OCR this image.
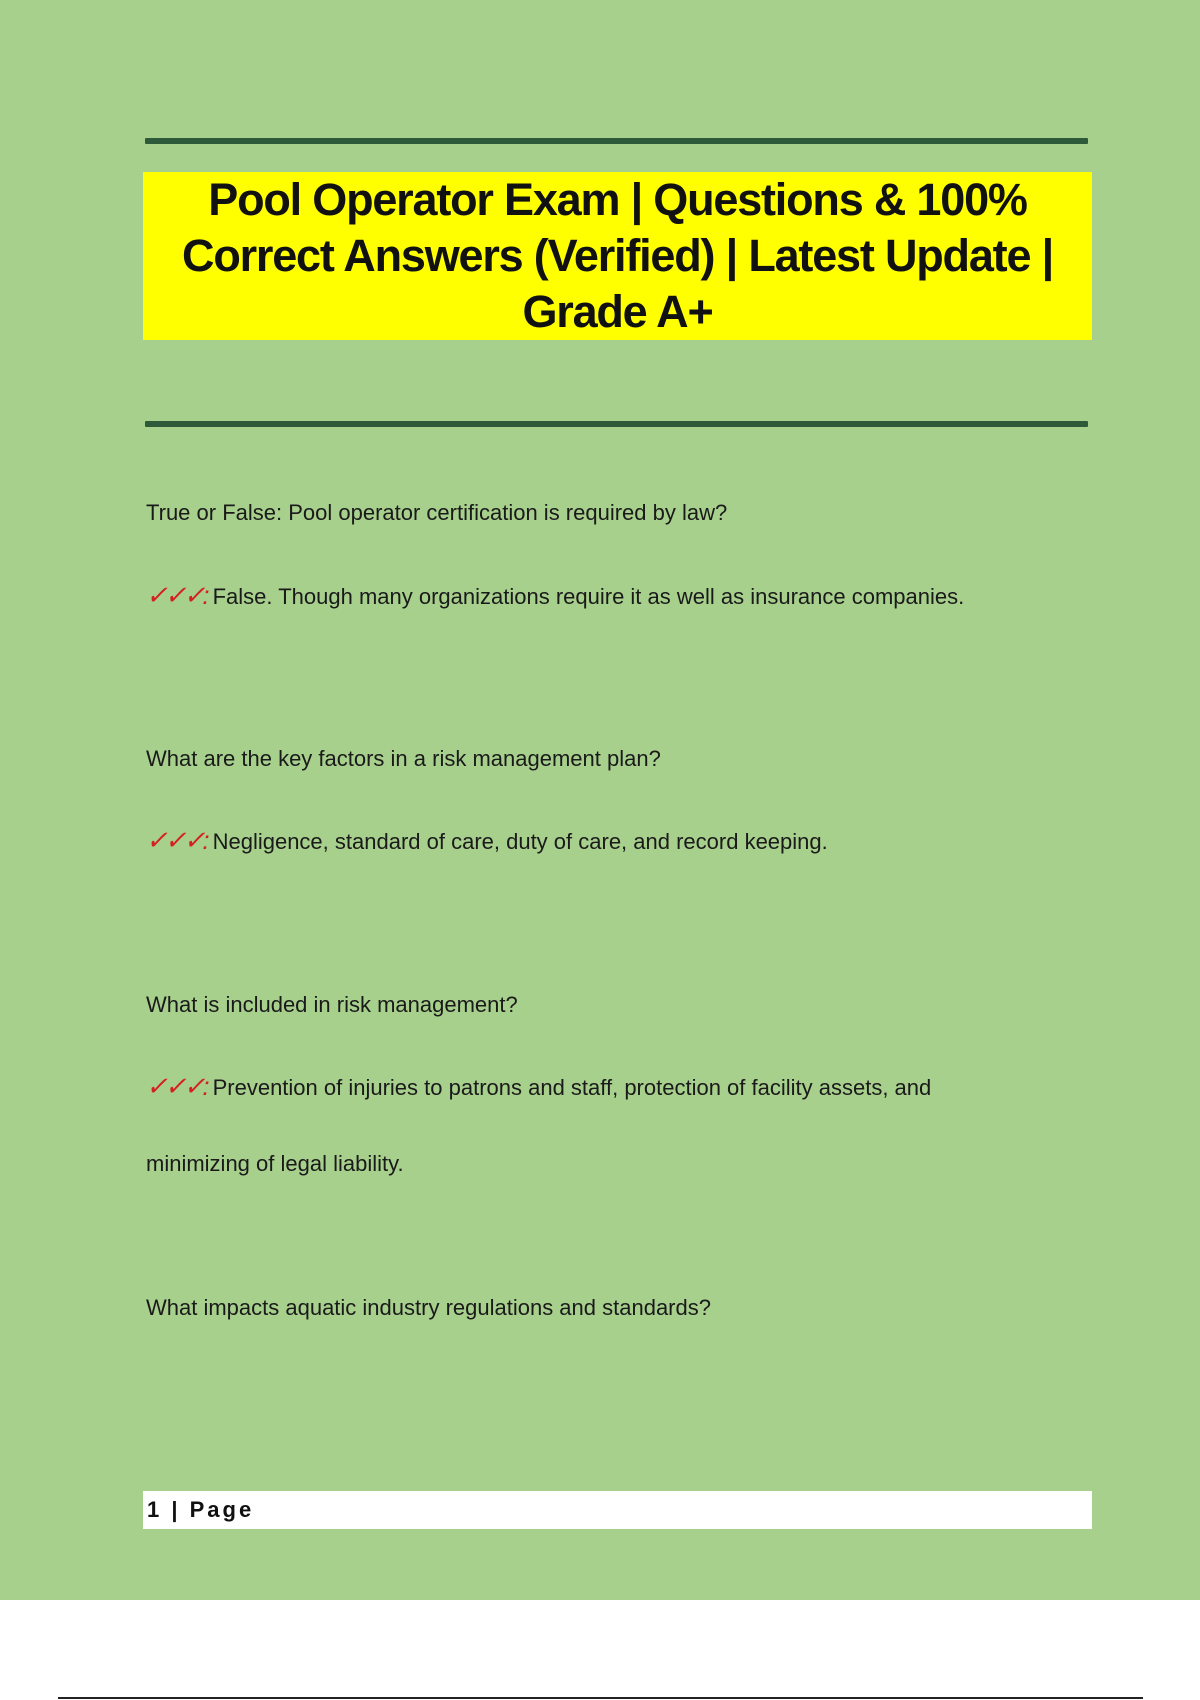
Pool Operator Exam | Questions & 100% Correct Answers (Verified) | Latest Update | Grade A+
True or False: Pool operator certification is required by law?
✓✓✓: False. Though many organizations require it as well as insurance companies.
What are the key factors in a risk management plan?
✓✓✓: Negligence, standard of care, duty of care, and record keeping.
What is included in risk management?
✓✓✓: Prevention of injuries to patrons and staff, protection of facility assets, and
minimizing of legal liability.
What impacts aquatic industry regulations and standards?
1 | Page
